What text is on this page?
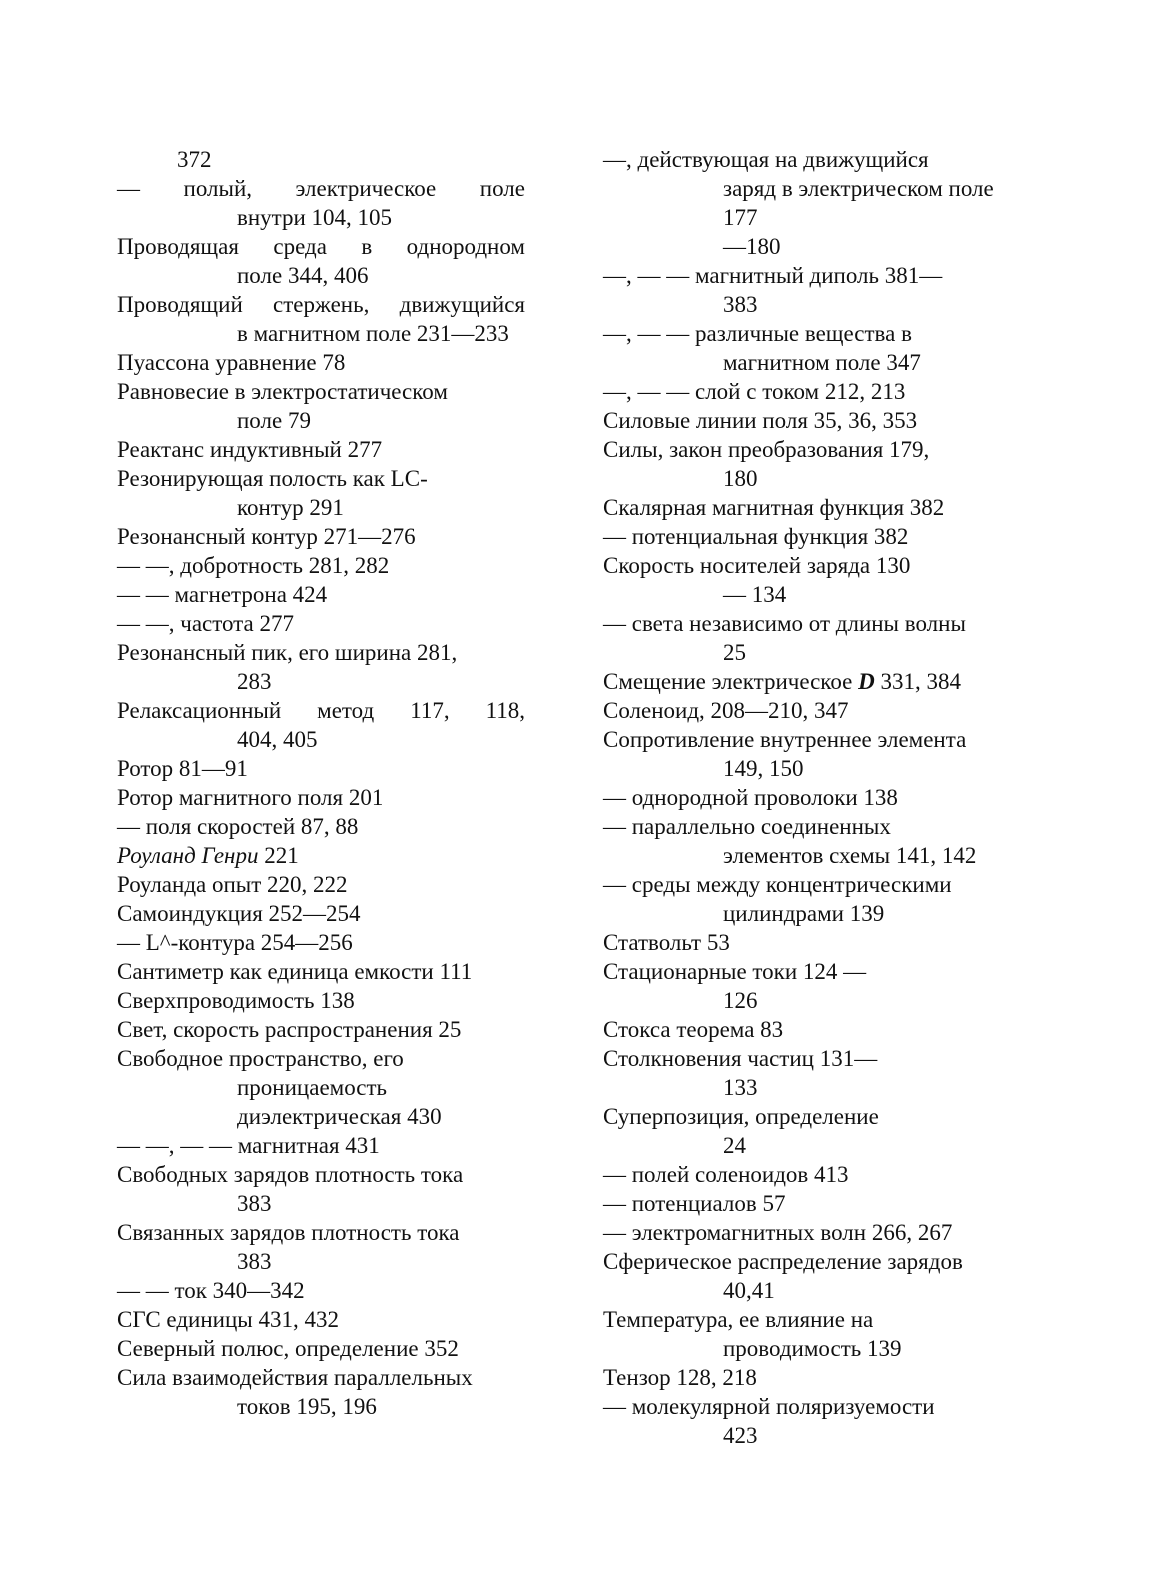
372
— полый, электрическое поле
внутри 104, 105
Проводящая среда в однородном
поле 344, 406
Проводящий стержень, движущийся
в магнитном поле 231—233
Пуассона уравнение 78
Равновесие в электростатическом
поле 79
Реактанс индуктивный 277
Резонирующая полость как LC-
контур 291
Резонансный контур 271—276
— —, добротность 281, 282
— — магнетрона 424
— —, частота 277
Резонансный пик, его ширина 281,
283
Релаксационный метод 117, 118,
404, 405
Ротор 81—91
Ротор магнитного поля 201
— поля скоростей 87, 88
Роуланд Генри 221
Роуланда опыт 220, 222
Самоиндукция 252—254
— L^-контура 254—256
Сантиметр как единица емкости 111
Сверхпроводимость 138
Свет, скорость распространения 25
Свободное пространство, его
проницаемость
диэлектрическая 430
— —, — — магнитная 431
Свободных зарядов плотность тока
383
Связанных зарядов плотность тока
383
— — ток 340—342
СГС единицы 431, 432
Северный полюс, определение 352
Сила взаимодействия параллельных
токов 195, 196
—, действующая на движущийся
заряд в электрическом поле 177
—180
—, — — магнитный диполь 381—
383
—, — — различные вещества в
магнитном поле 347
—, — — слой с током 212, 213
Силовые линии поля 35, 36, 353
Силы, закон преобразования 179,
180
Скалярная магнитная функция 382
— потенциальная функция 382
Скорость носителей заряда 130
— 134
— света независимо от длины волны
25
Смещение электрическое D 331, 384
Соленоид, 208—210, 347
Сопротивление внутреннее элемента
149, 150
— однородной проволоки 138
— параллельно соединенных
элементов схемы 141, 142
— среды между концентрическими
цилиндрами 139
Статвольт 53
Стационарные токи 124 —
126
Стокса теорема 83
Столкновения частиц 131—
133
Суперпозиция, определение
24
— полей соленоидов 413
— потенциалов 57
— электромагнитных волн 266, 267
Сферическое распределение зарядов
40,41
Температура, ее влияние на
проводимость 139
Тензор 128, 218
— молекулярной поляризуемости
423
